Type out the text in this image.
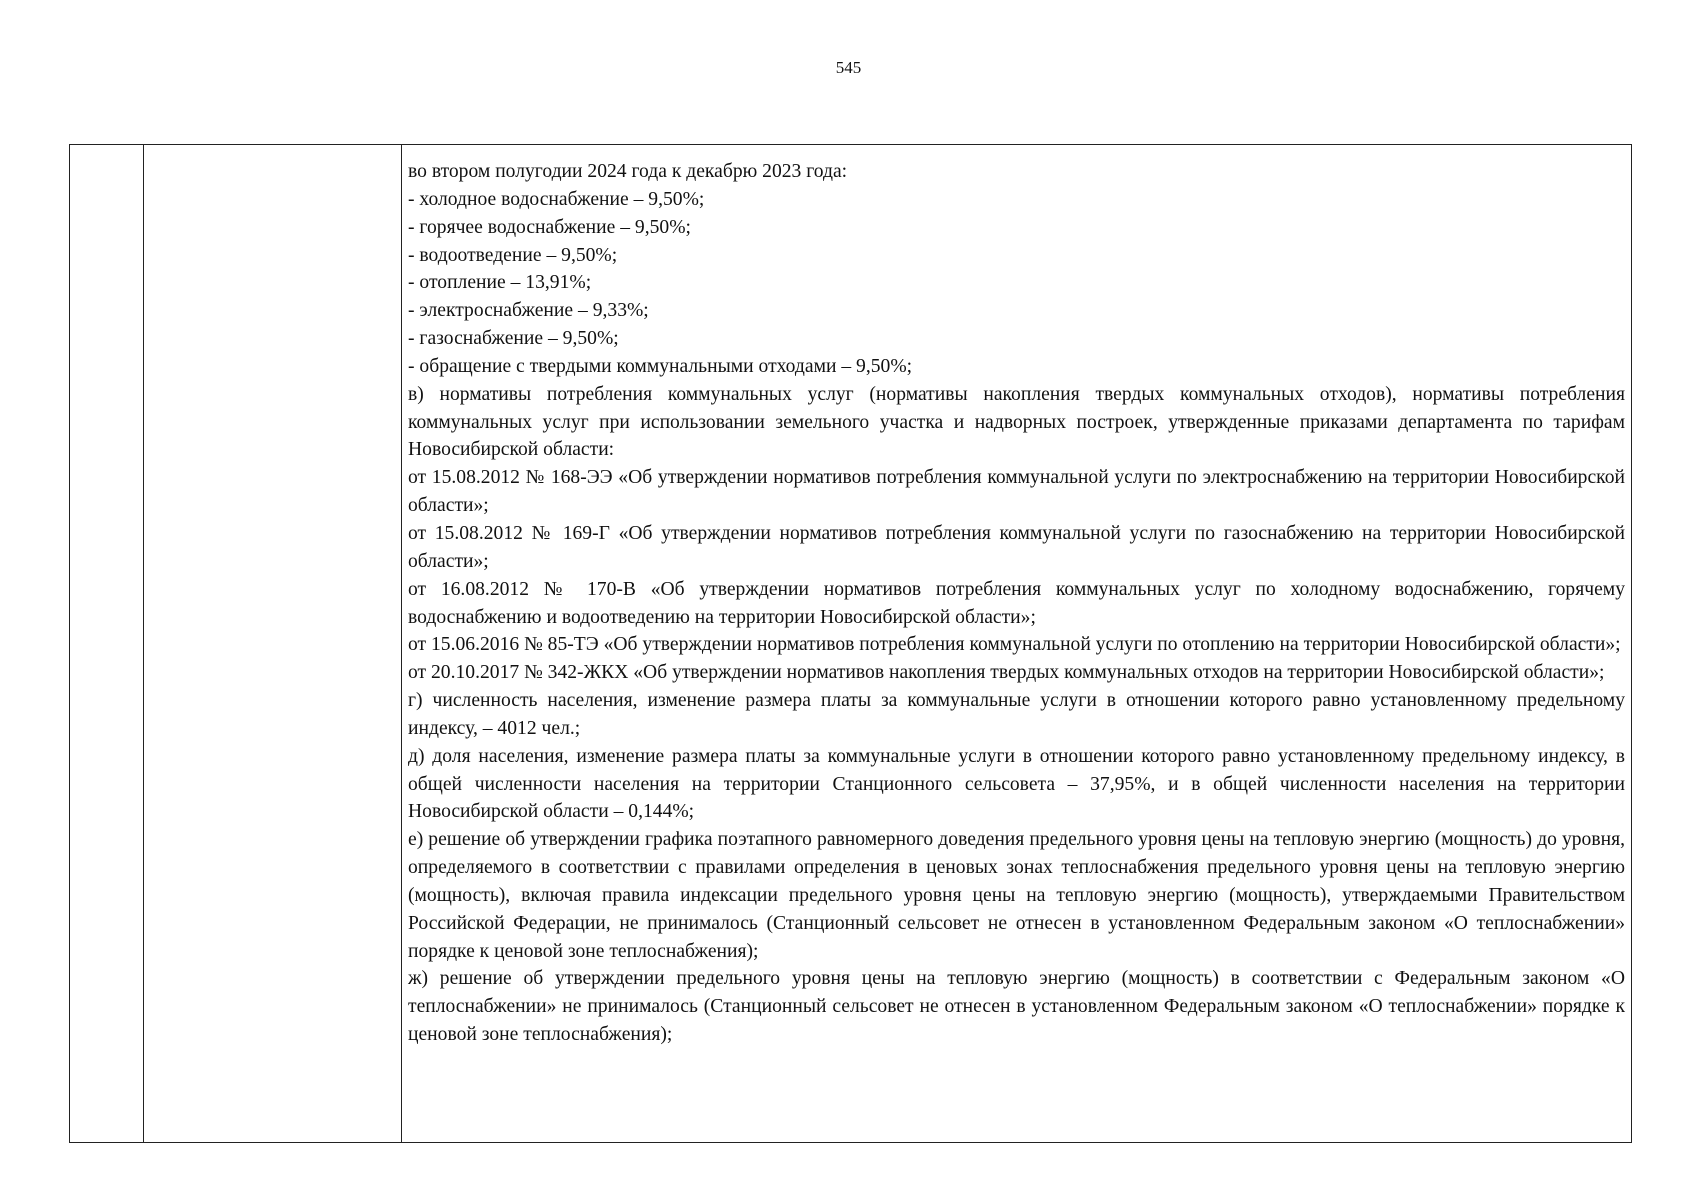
545

во втором полугодии 2024 года к декабрю 2023 года:

- холодное водоснабжение – 9,50%;

- горячее водоснабжение – 9,50%;

- водоотведение – 9,50%;

- отопление – 13,91%;

- электроснабжение – 9,33%;

- газоснабжение – 9,50%;

- обращение с твердыми коммунальными отходами – 9,50%;

в) нормативы потребления коммунальных услуг (нормативы накопления твердых коммунальных отходов), нормативы потребления коммунальных услуг при использовании земельного участка и надворных построек, утвержденные приказами департамента по тарифам Новосибирской области:

от 15.08.2012 № 168-ЭЭ «Об утверждении нормативов потребления коммунальной услуги по электроснабжению на территории Новосибирской области»;

от 15.08.2012 № 169-Г «Об утверждении нормативов потребления коммунальной услуги по газоснабжению на территории Новосибирской области»;

от 16.08.2012 № 170-В «Об утверждении нормативов потребления коммунальных услуг по холодному водоснабжению, горячему водоснабжению и водоотведению на территории Новосибирской области»;

от 15.06.2016 № 85-ТЭ «Об утверждении нормативов потребления коммунальной услуги по отоплению на территории Новосибирской области»;

от 20.10.2017 № 342-ЖКХ «Об утверждении нормативов накопления твердых коммунальных отходов на территории Новосибирской области»;

г) численность населения, изменение размера платы за коммунальные услуги в отношении которого равно установленному предельному индексу, – 4012 чел.;

д) доля населения, изменение размера платы за коммунальные услуги в отношении которого равно установленному предельному индексу, в общей численности населения на территории Станционного сельсовета – 37,95%, и в общей численности населения на территории Новосибирской области – 0,144%;

е) решение об утверждении графика поэтапного равномерного доведения предельного уровня цены на тепловую энергию (мощность) до уровня, определяемого в соответствии с правилами определения в ценовых зонах теплоснабжения предельного уровня цены на тепловую энергию (мощность), включая правила индексации предельного уровня цены на тепловую энергию (мощность), утверждаемыми Правительством Российской Федерации, не принималось (Станционный сельсовет не отнесен в установленном Федеральным законом «О теплоснабжении» порядке к ценовой зоне теплоснабжения);

ж) решение об утверждении предельного уровня цены на тепловую энергию (мощность) в соответствии с Федеральным законом «О теплоснабжении» не принималось (Станционный сельсовет не отнесен в установленном Федеральным законом «О теплоснабжении» порядке к ценовой зоне теплоснабжения);
